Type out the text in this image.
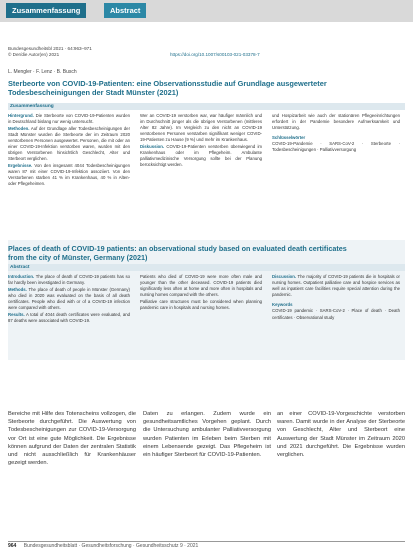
Zusammenfassung	Abstract
Bundesgesundheitsbl 2021 · 64:963–971
https://doi.org/10.1007/s00103-021-03378-7
© Der/die Autor(en) 2021
L. Mengler · F. Lenz · B. Busch
Sterbeorte von COVID-19-Patienten: eine Observationsstudie auf Grundlage ausgewerteter Todesbescheinigungen der Stadt Münster (2021)
Zusammenfassung

Hintergrund. Die Sterbeorte von COVID-19-Patienten wurden in Deutschland bislang nur wenig untersucht.

Methoden. Auf der Grundlage aller Todesbescheinigungen der Stadt Münster wurden die Sterbeorte der im Zeitraum 2020 verstorbenen Personen ausgewertet. Personen, die mit oder an einer COVID-19-Infektion verstorben waren, wurden mit den übrigen Verstorbenen hinsichtlich Geschlecht, Alter und Sterbeort verglichen.

Ergebnisse. Von den insgesamt 4044 Todesbescheinigungen waren 87 mit einer COVID-19-Infektion assoziiert. Von den Verstorbenen starben 41 % im Krankenhaus, 40 % in Alten- oder Pflegeheimen.

Wer an COVID-19 verstorben war, war häufiger männlich und im Durchschnitt jünger als die übrigen Verstorbenen (mittleres Alter 82 Jahre). Im Vergleich zu den nicht an COVID-19 verstorbenen Personen verstarben signifikant weniger COVID-19-Patienten zu Hause (9 %) und mehr im Krankenhaus.

Diskussion. COVID-19-Patienten versterben überwiegend im Krankenhaus oder im Pflegeheim. Ambulante palliativmedizinische Versorgung sollte bei der Planung berücksichtigt werden.

und Hospizarbeit wie auch der stationären Pflegeeinrichtungen erfordert in der Pandemie besondere Aufmerksamkeit und Unterstützung.

Schlüsselwörter
COVID-19-Pandemie · SARS-CoV-2 · Sterbeorte · Todesbescheinigungen · Palliativversorgung

Places of death of COVID-19 patients: an observational study based on evaluated death certificates from the city of Münster, Germany (2021)
Abstract

Introduction. The place of death of COVID-19 patients has so far hardly been investigated in Germany.

Methods. The place of death of people in Münster (Germany) who died in 2020 was evaluated on the basis of all death certificates. People who died with or of a COVID-19 infection were compared with others.

Results. A total of 4044 death certificates were evaluated, and 87 deaths were associated with COVID-19.

Patients who died of COVID-19 were more often male and younger than the other deceased. COVID-19 patients died significantly less often at home and more often in hospitals and nursing homes compared with the others.

Palliative care structures must be considered when planning pandemic care in hospitals and nursing homes.

Discussion. The majority of COVID-19 patients die in hospitals or nursing homes. Outpatient palliative care and hospice services as well as inpatient care facilities require special attention during the pandemic.

Keywords
COVID-19 pandemic · SARS-CoV-2 · Place of death · Death certificates · Observational study

Bereiche mit Hilfe des Totenscheins vollzogen, die Sterbeorte durchgeführt. Die Auswertung von Todesbescheinigungen zur COVID-19-Versorgung vor Ort ist eine gute Möglichkeit. Die Ergebnisse können aufgrund der Daten der zentralen Statistik und nicht ausschließlich für Krankenhäuser gezeigt werden.
Daten zu erlangen. Zudem wurde ein gesundheitsamtliches Vorgehen geplant. Durch die Untersuchung ambulanter Palliativversorgung wurden Patienten im Erleben beim Sterben mit einem Lebensende gezeigt. Das Pflegeheim ist ein häufiger Sterbeort für COVID-19-Patienten.
an einer COVID-19-Vorgeschichte verstorben waren. Damit wurde in der Analyse der Sterbeorte von Geschlecht, Alter und Sterbeort eine Auswertung der Stadt Münster im Zeitraum 2020 und 2021 durchgeführt. Die Ergebnisse wurden verglichen.
964 Bundesgesundheitsblatt · Gesundheitsforschung · Gesundheitsschutz 9 · 2021
